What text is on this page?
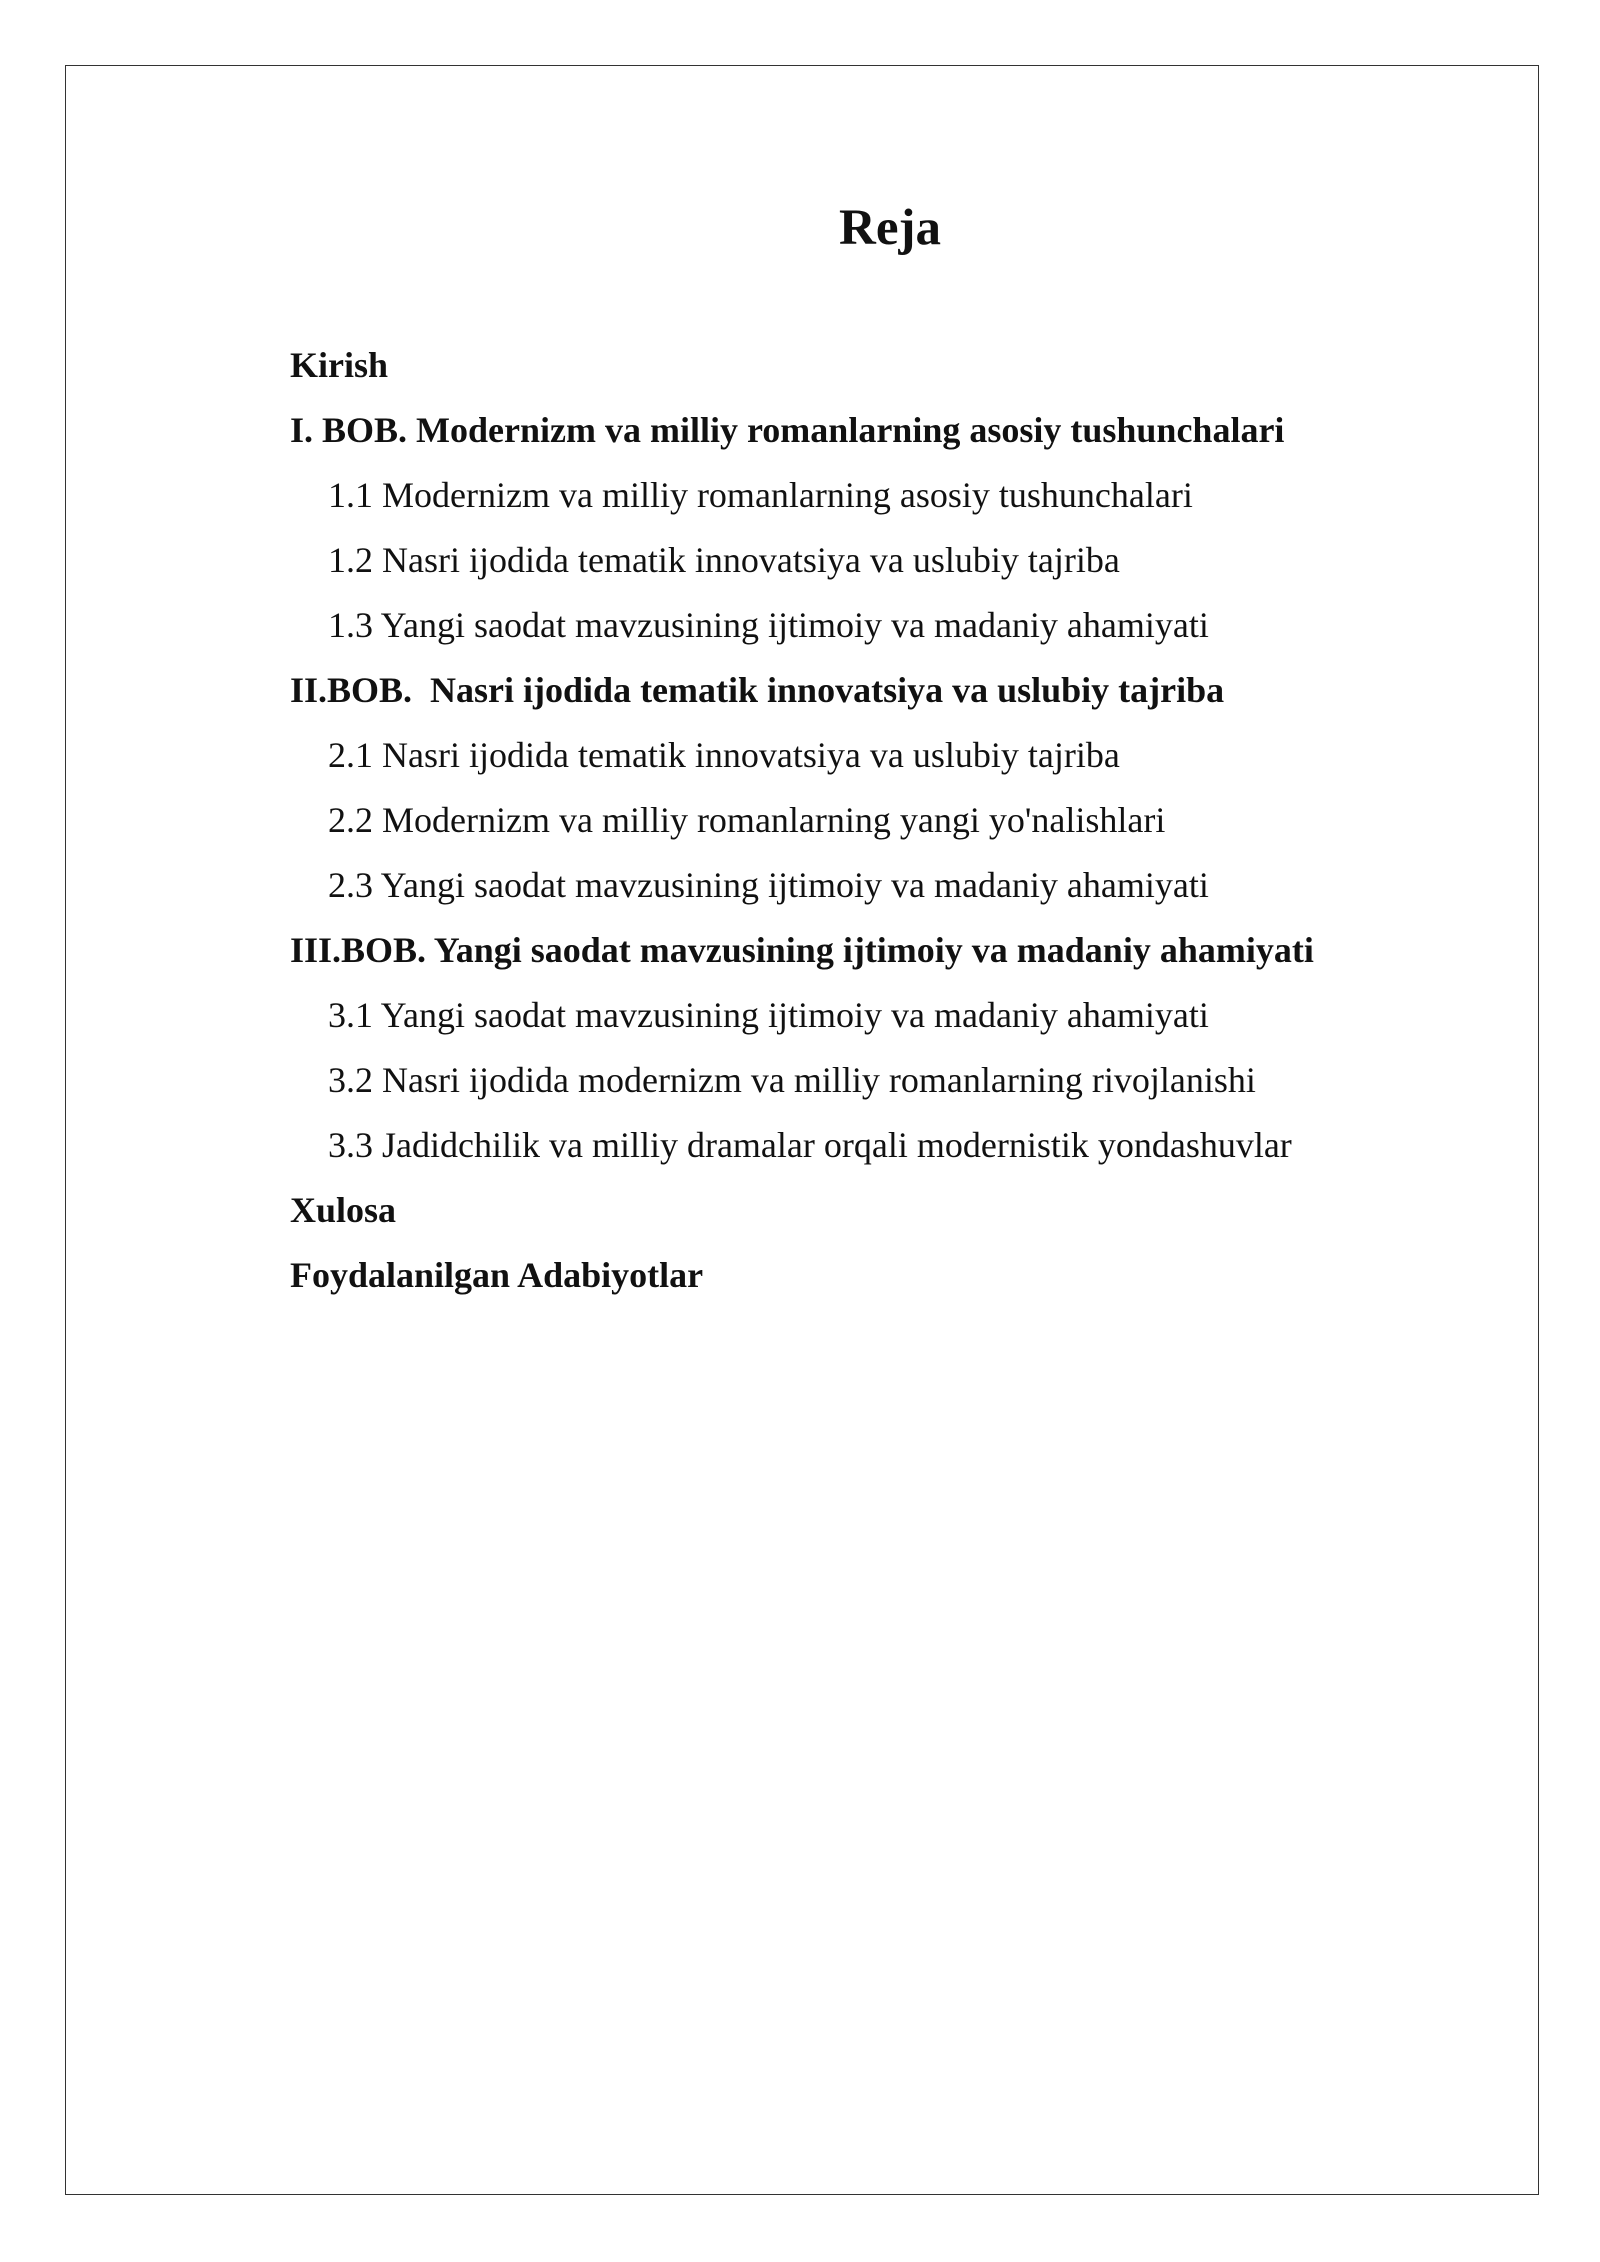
Reja
Kirish
I. BOB. Modernizm va milliy romanlarning asosiy tushunchalari
1.1 Modernizm va milliy romanlarning asosiy tushunchalari
1.2 Nasri ijodida tematik innovatsiya va uslubiy tajriba
1.3 Yangi saodat mavzusining ijtimoiy va madaniy ahamiyati
II.BOB.  Nasri ijodida tematik innovatsiya va uslubiy tajriba
2.1 Nasri ijodida tematik innovatsiya va uslubiy tajriba
2.2 Modernizm va milliy romanlarning yangi yo'nalishlari
2.3 Yangi saodat mavzusining ijtimoiy va madaniy ahamiyati
III.BOB. Yangi saodat mavzusining ijtimoiy va madaniy ahamiyati
3.1 Yangi saodat mavzusining ijtimoiy va madaniy ahamiyati
3.2 Nasri ijodida modernizm va milliy romanlarning rivojlanishi
3.3 Jadidchilik va milliy dramalar orqali modernistik yondashuvlar
Xulosa
Foydalanilgan Adabiyotlar
